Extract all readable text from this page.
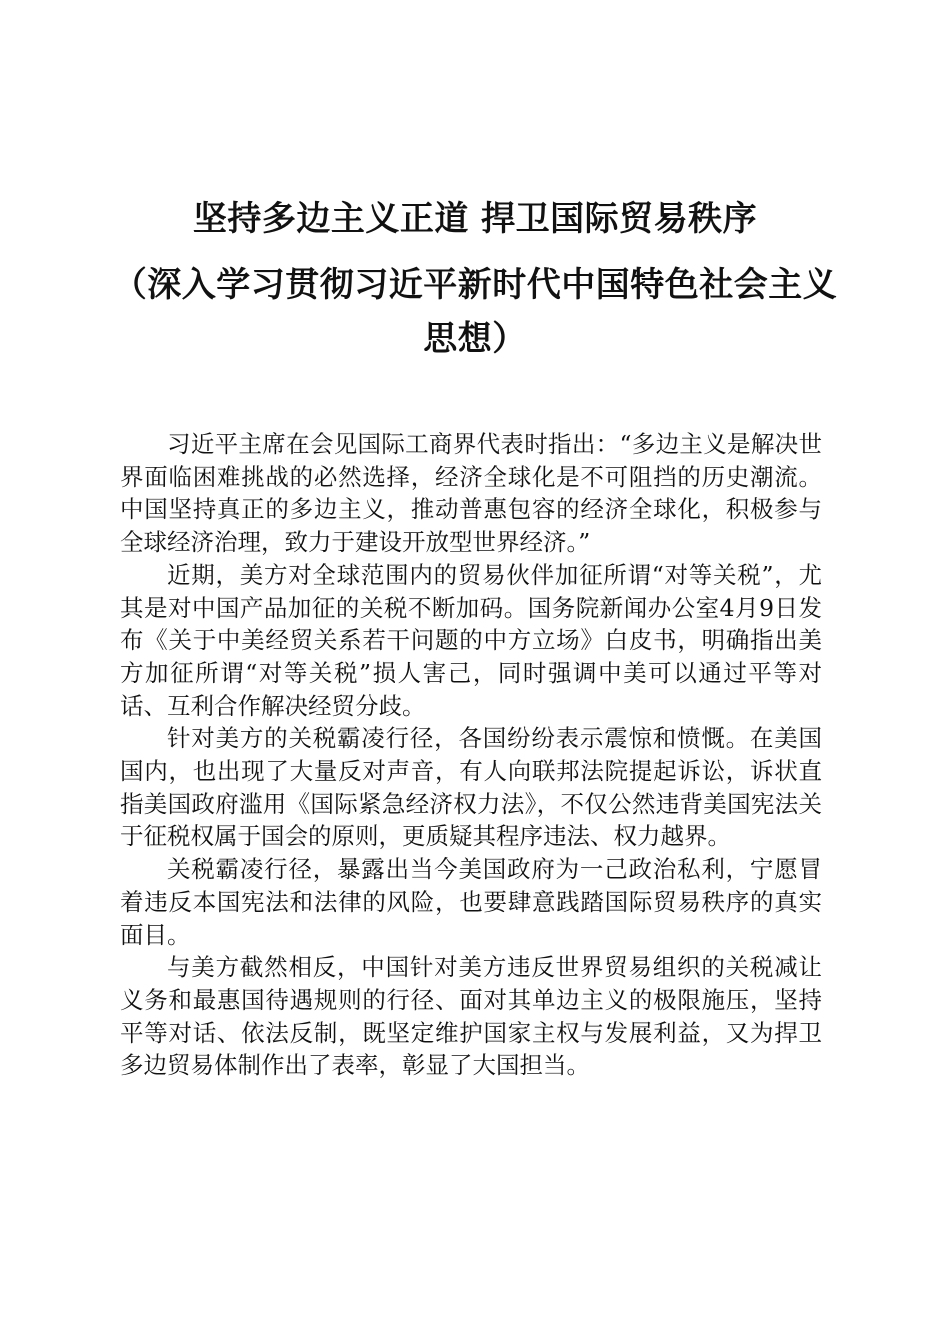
坚持多边主义正道 捍卫国际贸易秩序
（深入学习贯彻习近平新时代中国特色社会主义思想）

习近平主席在会见国际工商界代表时指出：“多边主义是解决世界面临困难挑战的必然选择，经济全球化是不可阻挡的历史潮流。中国坚持真正的多边主义，推动普惠包容的经济全球化，积极参与全球经济治理，致力于建设开放型世界经济。”

近期，美方对全球范围内的贸易伙伴加征所谓“对等关税”，尤其是对中国产品加征的关税不断加码。国务院新闻办公室4月9日发布《关于中美经贸关系若干问题的中方立场》白皮书，明确指出美方加征所谓“对等关税”损人害己，同时强调中美可以通过平等对话、互利合作解决经贸分歧。

针对美方的关税霸凌行径，各国纷纷表示震惊和愤慨。在美国国内，也出现了大量反对声音，有人向联邦法院提起诉讼，诉状直指美国政府滥用《国际紧急经济权力法》，不仅公然违背美国宪法关于征税权属于国会的原则，更质疑其程序违法、权力越界。

关税霸凌行径，暴露出当今美国政府为一己政治私利，宁愿冒着违反本国宪法和法律的风险，也要肆意践踏国际贸易秩序的真实面目。

与美方截然相反，中国针对美方违反世界贸易组织的关税减让义务和最惠国待遇规则的行径、面对其单边主义的极限施压，坚持平等对话、依法反制，既坚定维护国家主权与发展利益，又为捍卫多边贸易体制作出了表率，彰显了大国担当。
